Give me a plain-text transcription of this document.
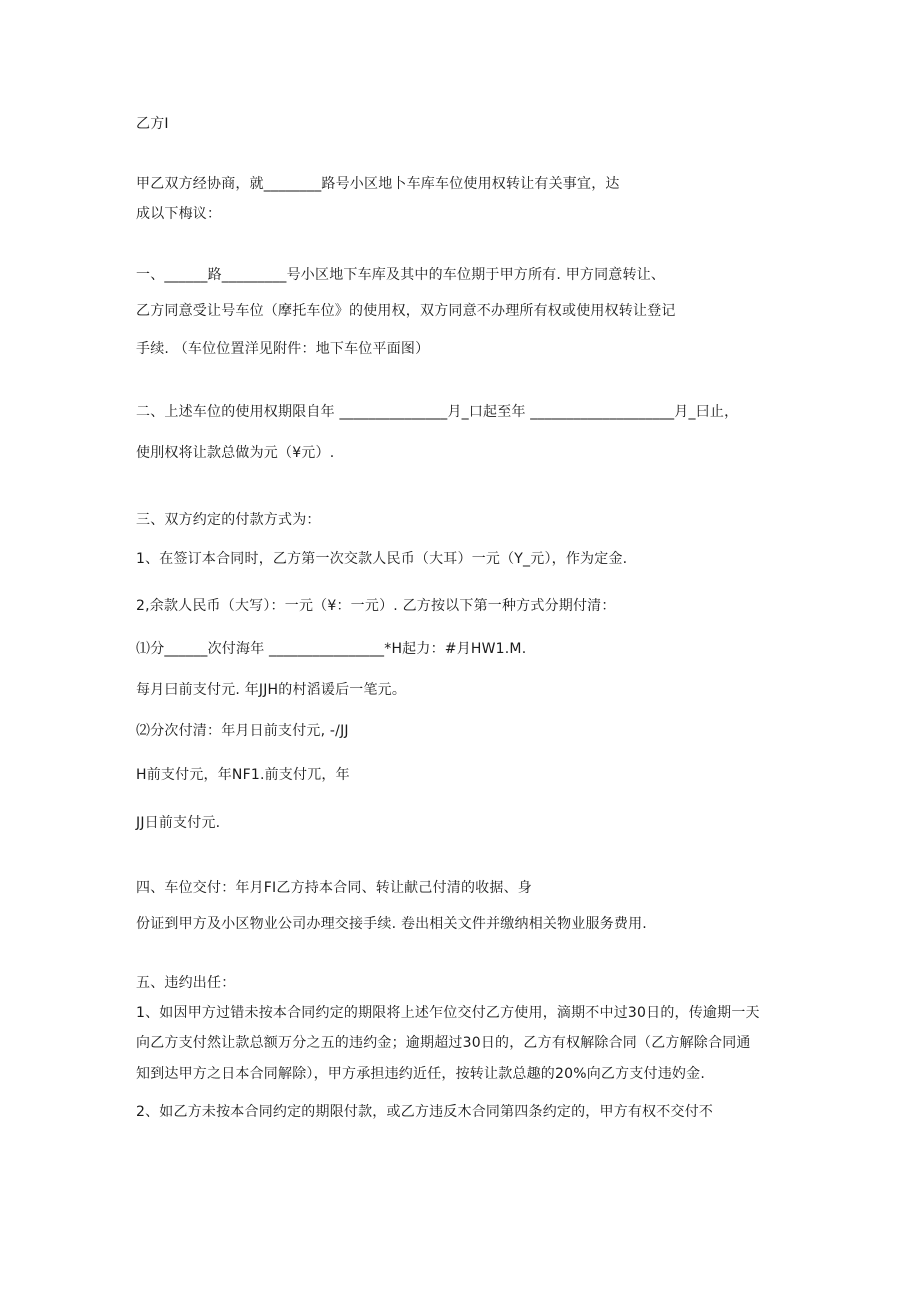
乙方I
甲乙双方经协商，就________路号小区地卜车库车位使用权转让有关事宜，达
成以下梅议：
一、______路_________号小区地下车库及其中的车位期于甲方所有. 甲方同意转让、
乙方同意受让号车位（摩托车位》的使用权，双方同意不办理所有权或使用权转让登记
手续. （车位位置洋见附件：地下车位平面图）
二、上述车位的使用权期限自年 _______________月_口起至年 ____________________月_曰止，
使刖权将让款总做为元（¥元）.
三、双方约定的付款方式为：
1、在签订本合同时，乙方第一次交款人民币（大耳）一元（Y_元），作为定金.
2,余款人民币（大写）：一元（¥：一元）. 乙方按以下第一种方式分期付清：
⑴分______次付海年 ________________*H起力：#月HW1.M.
每月曰前支付元. 年JJH的村滔谖后一笔元。
⑵分次付清：年月日前支付元, -/JJ
H前支付元，年NF1.前支付兀，年
JJ日前支付元.
四、车位交付：年月FI乙方持本合同、转让献己付清的收据、身
份证到甲方及小区物业公司办理交接手续. 卷出相关文件并缴纳相关物业服务费用.
五、违约出任：
1、如因甲方过错未按本合同约定的期限将上述乍位交付乙方使用，滴期不中过30日的，传逾期一天
向乙方支付然让款总额万分之五的违约金；逾期超过30日的，乙方有权解除合同（乙方解除合同通
知到达甲方之日本合同解除），甲方承担违约近任，按转让款总趣的20%向乙方支付违妁金.
2、如乙方未按本合同约定的期限付款，或乙方违反木合同第四条约定的，甲方有权不交付不
